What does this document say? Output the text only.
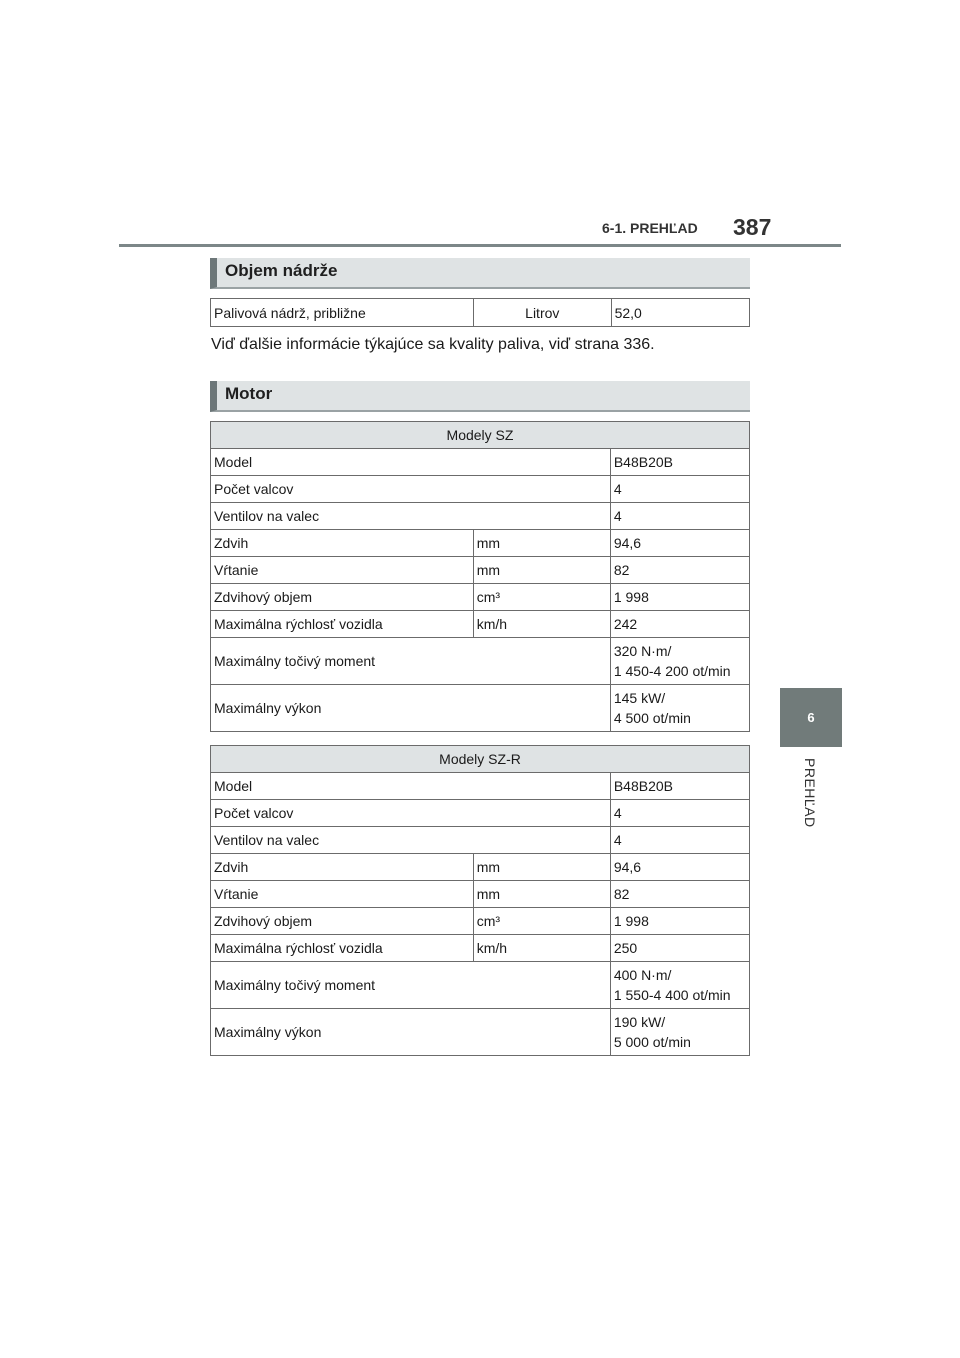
6-1. PREHĽAD 387
6
PREHĽAD
Objem nádrže
Palivová nádrž, približne	Litrov	52,0
Viď ďalšie informácie týkajúce sa kvality paliva, viď strana 336.
Motor
Modely SZ		
Model		B48B20B
Počet valcov		4
Ventilov na valec		4
Zdvih	mm	94,6
Vŕtanie	mm	82
Zdvihový objem	cm³	1 998
Maximálna rýchlosť vozidla	km/h	242
Maximálny točivý moment		320 N·m/
1 450-4 200 ot/min
Maximálny výkon		145 kW/
4 500 ot/min
Modely SZ-R		
Model		B48B20B
Počet valcov		4
Ventilov na valec		4
Zdvih	mm	94,6
Vŕtanie	mm	82
Zdvihový objem	cm³	1 998
Maximálna rýchlosť vozidla	km/h	250
Maximálny točivý moment		400 N·m/
1 550-4 400 ot/min
Maximálny výkon		190 kW/
5 000 ot/min
